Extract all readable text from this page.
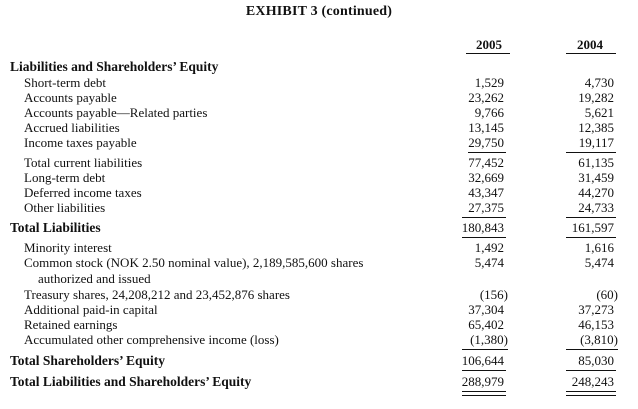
EXHIBIT 3 (continued)
2005	2004
Liabilities and Shareholders’ Equity
Short-term debt	1,529	4,730
Accounts payable	23,262	19,282
Accounts payable—Related parties	9,766	5,621
Accrued liabilities	13,145	12,385
Income taxes payable	29,750	19,117
Total current liabilities	77,452	61,135
Long-term debt	32,669	31,459
Deferred income taxes	43,347	44,270
Other liabilities	27,375	24,733
Total Liabilities	180,843	161,597
Minority interest	1,492	1,616
Common stock (NOK 2.50 nominal value), 2,189,585,600 shares	5,474	5,474
authorized and issued
Treasury shares, 24,208,212 and 23,452,876 shares	(156)	(60)
Additional paid-in capital	37,304	37,273
Retained earnings	65,402	46,153
Accumulated other comprehensive income (loss)	(1,380)	(3,810)
Total Shareholders’ Equity	106,644	85,030
Total Liabilities and Shareholders’ Equity	288,979	248,243
